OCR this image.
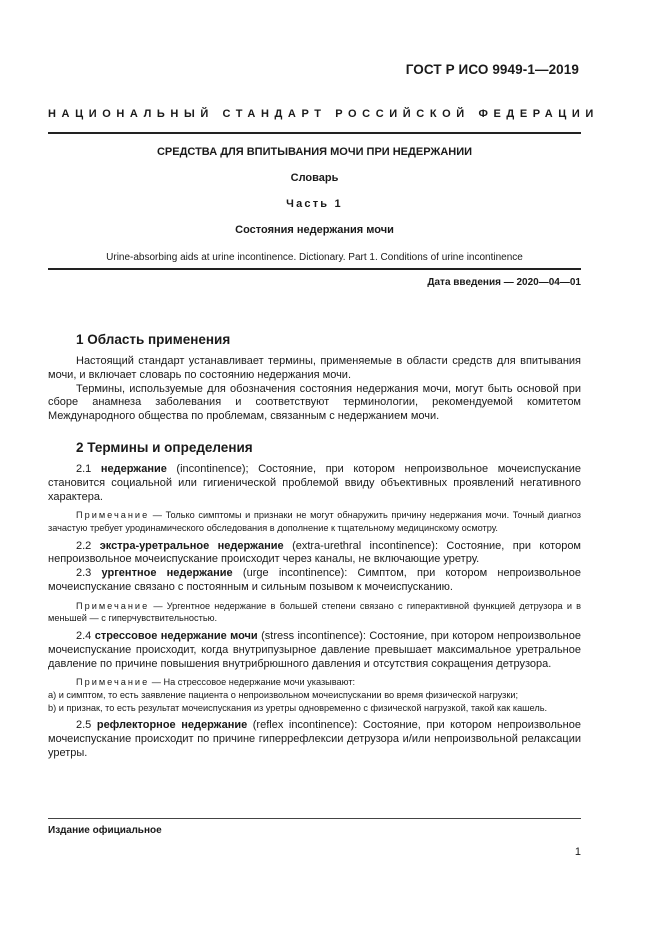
ГОСТ Р ИСО 9949-1—2019
НАЦИОНАЛЬНЫЙ СТАНДАРТ РОССИЙСКОЙ ФЕДЕРАЦИИ

СРЕДСТВА ДЛЯ ВПИТЫВАНИЯ МОЧИ ПРИ НЕДЕРЖАНИИ

Словарь

Часть 1

Состояния недержания мочи

Urine-absorbing aids at urine incontinence. Dictionary. Part 1. Conditions of urine incontinence

Дата введения — 2020—04—01
1 Область применения

Настоящий стандарт устанавливает термины, применяемые в области средств для впитывания мочи, и включает словарь по состоянию недержания мочи.

Термины, используемые для обозначения состояния недержания мочи, могут быть основой при сборе анамнеза заболевания и соответствуют терминологии, рекомендуемой комитетом Международного общества по проблемам, связанным с недержанием мочи.

2 Термины и определения

2.1 недержание (incontinence); Состояние, при котором непроизвольное мочеиспускание становится социальной или гигиенической проблемой ввиду объективных проявлений негативного характера.

Примечание — Только симптомы и признаки не могут обнаружить причину недержания мочи. Точный диагноз зачастую требует уродинамического обследования в дополнение к тщательному медицинскому осмотру.

2.2 экстра-уретральное недержание (extra-urethral incontinence): Состояние, при котором непроизвольное мочеиспускание происходит через каналы, не включающие уретру.

2.3 ургентное недержание (urge incontinence): Симптом, при котором непроизвольное мочеиспускание связано с постоянным и сильным позывом к мочеиспусканию.

Примечание — Ургентное недержание в большей степени связано с гиперактивной функцией детрузора и в меньшей — с гиперчувствительностью.

2.4 стрессовое недержание мочи (stress incontinence): Состояние, при котором непроизвольное мочеиспускание происходит, когда внутрипузырное давление превышает максимальное уретральное давление по причине повышения внутрибрюшного давления и отсутствия сокращения детрузора.

Примечание — На стрессовое недержание мочи указывают:

а) и симптом, то есть заявление пациента о непроизвольном мочеиспускании во время физической нагрузки;

b) и признак, то есть результат мочеиспускания из уретры одновременно с физической нагрузкой, такой как кашель.

2.5 рефлекторное недержание (reflex incontinence): Состояние, при котором непроизвольное мочеиспускание происходит по причине гиперрефлексии детрузора и/или непроизвольной релаксации уретры.

Издание официальное
1
